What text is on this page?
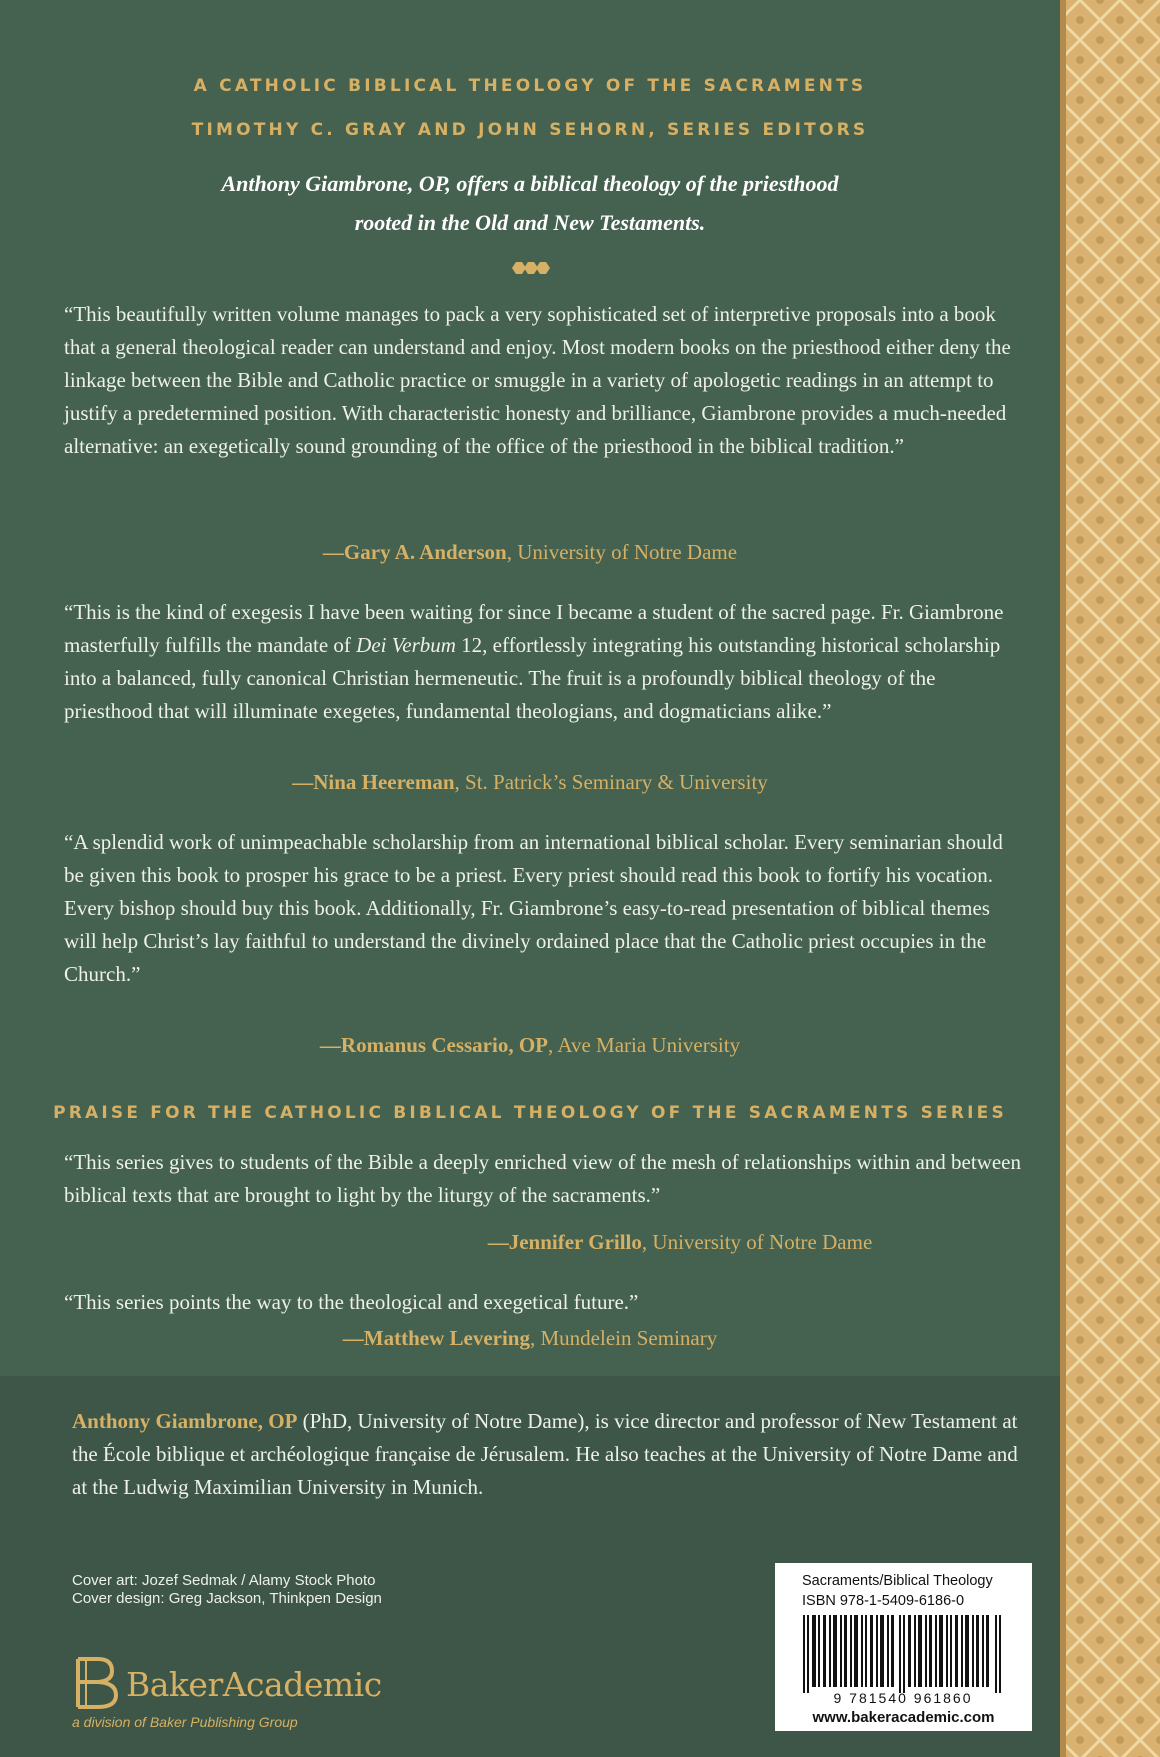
A CATHOLIC BIBLICAL THEOLOGY OF THE SACRAMENTS
TIMOTHY C. GRAY AND JOHN SEHORN, SERIES EDITORS
Anthony Giambrone, OP, offers a biblical theology of the priesthood
rooted in the Old and New Testaments.
“This beautifully written volume manages to pack a very sophisticated set of interpretive proposals into a book that a general theological reader can understand and enjoy. Most modern books on the priesthood either deny the linkage between the Bible and Catholic practice or smuggle in a variety of apologetic readings in an attempt to justify a predetermined position. With characteristic honesty and brilliance, Giambrone provides a much-needed alternative: an exegetically sound grounding of the office of the priesthood in the biblical tradition.”
—Gary A. Anderson, University of Notre Dame
“This is the kind of exegesis I have been waiting for since I became a student of the sacred page. Fr. Giambrone masterfully fulfills the mandate of Dei Verbum 12, effortlessly integrating his outstanding historical scholarship into a balanced, fully canonical Christian hermeneutic. The fruit is a profoundly biblical theology of the priesthood that will illuminate exegetes, fundamental theologians, and dogmaticians alike.”
—Nina Heereman, St. Patrick’s Seminary & University
“A splendid work of unimpeachable scholarship from an international biblical scholar. Every seminarian should be given this book to prosper his grace to be a priest. Every priest should read this book to fortify his vocation. Every bishop should buy this book. Additionally, Fr. Giambrone’s easy-to-read presentation of biblical themes will help Christ’s lay faithful to understand the divinely ordained place that the Catholic priest occupies in the Church.”
—Romanus Cessario, OP, Ave Maria University
PRAISE FOR THE CATHOLIC BIBLICAL THEOLOGY OF THE SACRAMENTS SERIES
“This series gives to students of the Bible a deeply enriched view of the mesh of relationships within and between biblical texts that are brought to light by the liturgy of the sacraments.”
—Jennifer Grillo, University of Notre Dame
“This series points the way to the theological and exegetical future.”
—Matthew Levering, Mundelein Seminary
Anthony Giambrone, OP (PhD, University of Notre Dame), is vice director and professor of New Testament at the École biblique et archéologique française de Jérusalem. He also teaches at the University of Notre Dame and at the Ludwig Maximilian University in Munich.
Cover art: Jozef Sedmak / Alamy Stock Photo
Cover design: Greg Jackson, Thinkpen Design
Sacraments/Biblical Theology
ISBN 978-1-5409-6186-0
9 781540 961860
www.bakeracademic.com
BakerAcademic
a division of Baker Publishing Group
